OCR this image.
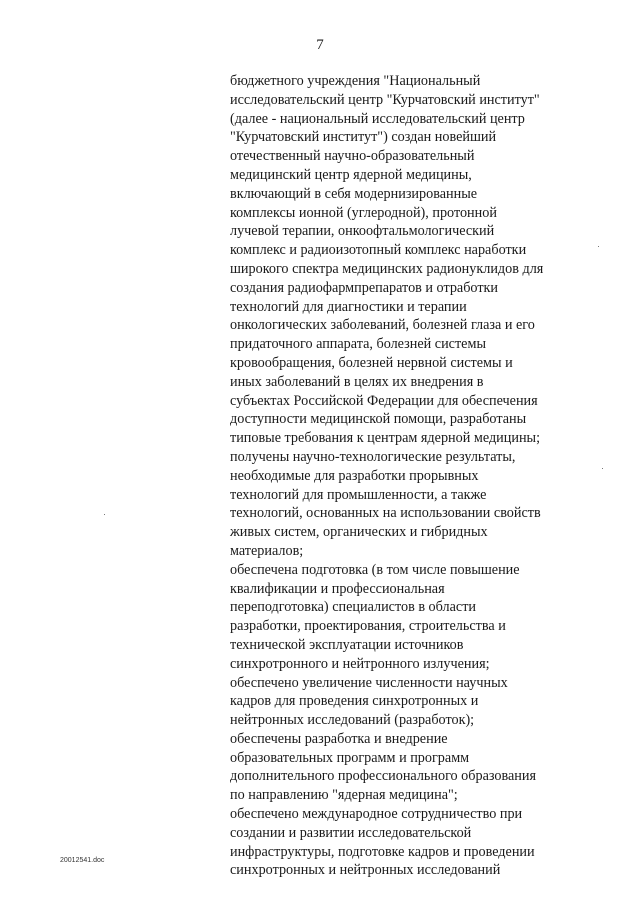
7
бюджетного учреждения "Национальный
исследовательский центр "Курчатовский институт"
(далее - национальный исследовательский центр
"Курчатовский институт") создан новейший
отечественный научно-образовательный
медицинский центр ядерной медицины,
включающий в себя модернизированные
комплексы ионной (углеродной), протонной
лучевой терапии, онкоофтальмологический
комплекс и радиоизотопный комплекс наработки
широкого спектра медицинских радионуклидов для
создания радиофармпрепаратов и отработки
технологий для диагностики и терапии
онкологических заболеваний, болезней глаза и его
придаточного аппарата, болезней системы
кровообращения, болезней нервной системы и
иных заболеваний в целях их внедрения в
субъектах Российской Федерации для обеспечения
доступности медицинской помощи, разработаны
типовые требования к центрам ядерной медицины;
получены научно-технологические результаты,
необходимые для разработки прорывных
технологий для промышленности, а также
технологий, основанных на использовании свойств
живых систем, органических и гибридных
материалов;
обеспечена подготовка (в том числе повышение
квалификации и профессиональная
переподготовка) специалистов в области
разработки, проектирования, строительства и
технической эксплуатации источников
синхротронного и нейтронного излучения;
обеспечено увеличение численности научных
кадров для проведения синхротронных и
нейтронных исследований (разработок);
обеспечены разработка и внедрение
образовательных программ и программ
дополнительного профессионального образования
по направлению "ядерная медицина";
обеспечено международное сотрудничество при
создании и развитии исследовательской
инфраструктуры, подготовке кадров и проведении
синхротронных и нейтронных исследований
20012541.doc
